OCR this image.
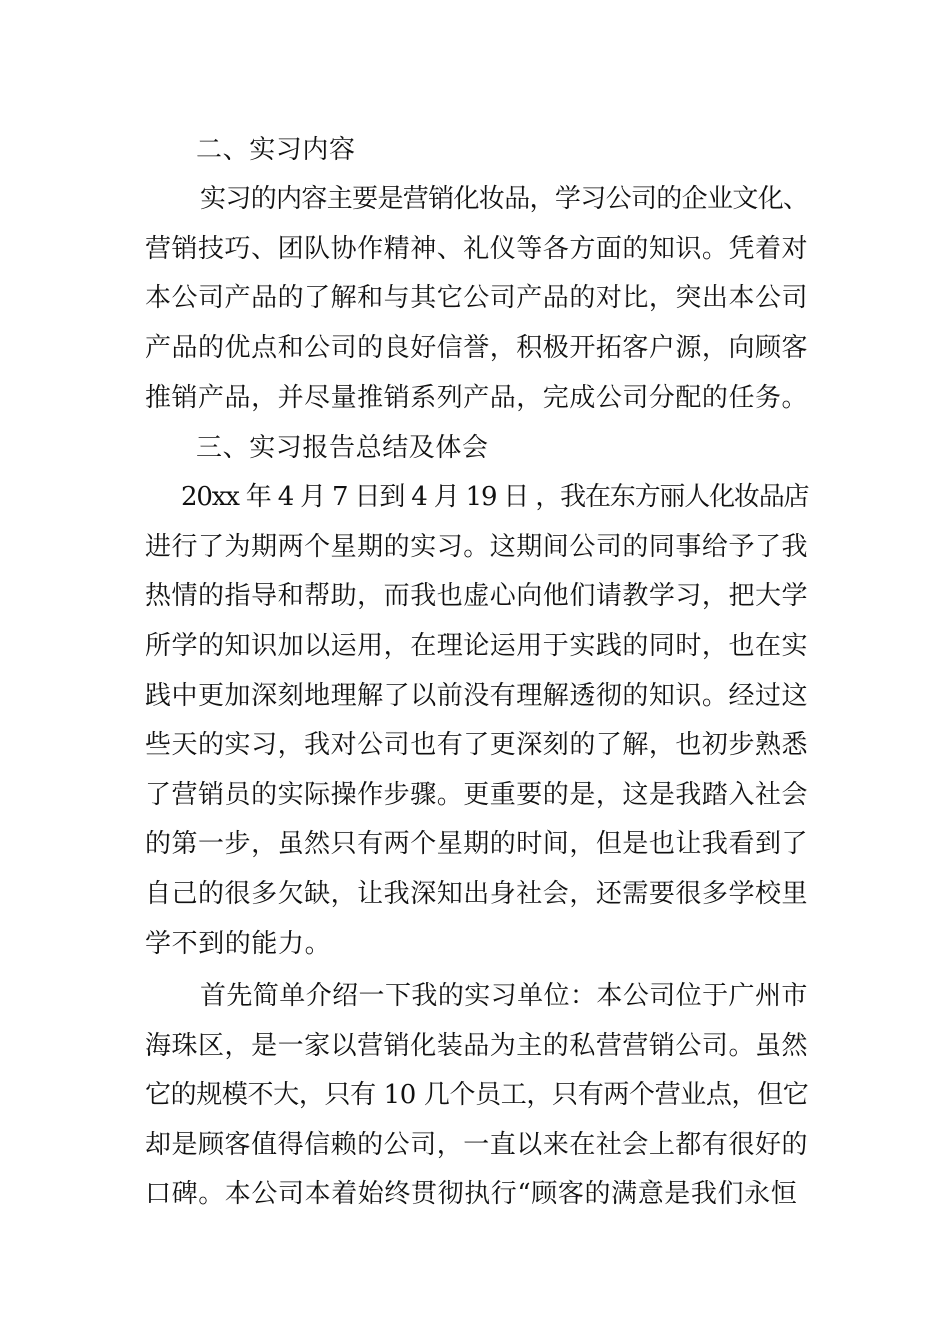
二、实习内容
实习的内容主要是营销化妆品，学习公司的企业文化、
营销技巧、团队协作精神、礼仪等各方面的知识。凭着对
本公司产品的了解和与其它公司产品的对比，突出本公司
产品的优点和公司的良好信誉，积极开拓客户源，向顾客
推销产品，并尽量推销系列产品，完成公司分配的任务。
三、实习报告总结及体会
20xx 年 4 月 7 日到 4 月 19 日 ，我在东方丽人化妆品店
进行了为期两个星期的实习。这期间公司的同事给予了我
热情的指导和帮助，而我也虚心向他们请教学习，把大学
所学的知识加以运用，在理论运用于实践的同时，也在实
践中更加深刻地理解了以前没有理解透彻的知识。经过这
些天的实习，我对公司也有了更深刻的了解，也初步熟悉
了营销员的实际操作步骤。更重要的是，这是我踏入社会
的第一步，虽然只有两个星期的时间，但是也让我看到了
自己的很多欠缺，让我深知出身社会，还需要很多学校里
学不到的能力。
首先简单介绍一下我的实习单位：本公司位于广州市
海珠区，是一家以营销化装品为主的私营营销公司。虽然
它的规模不大，只有 10 几个员工，只有两个营业点，但它
却是顾客值得信赖的公司，一直以来在社会上都有很好的
口碑。本公司本着始终贯彻执行“顾客的满意是我们永恒
